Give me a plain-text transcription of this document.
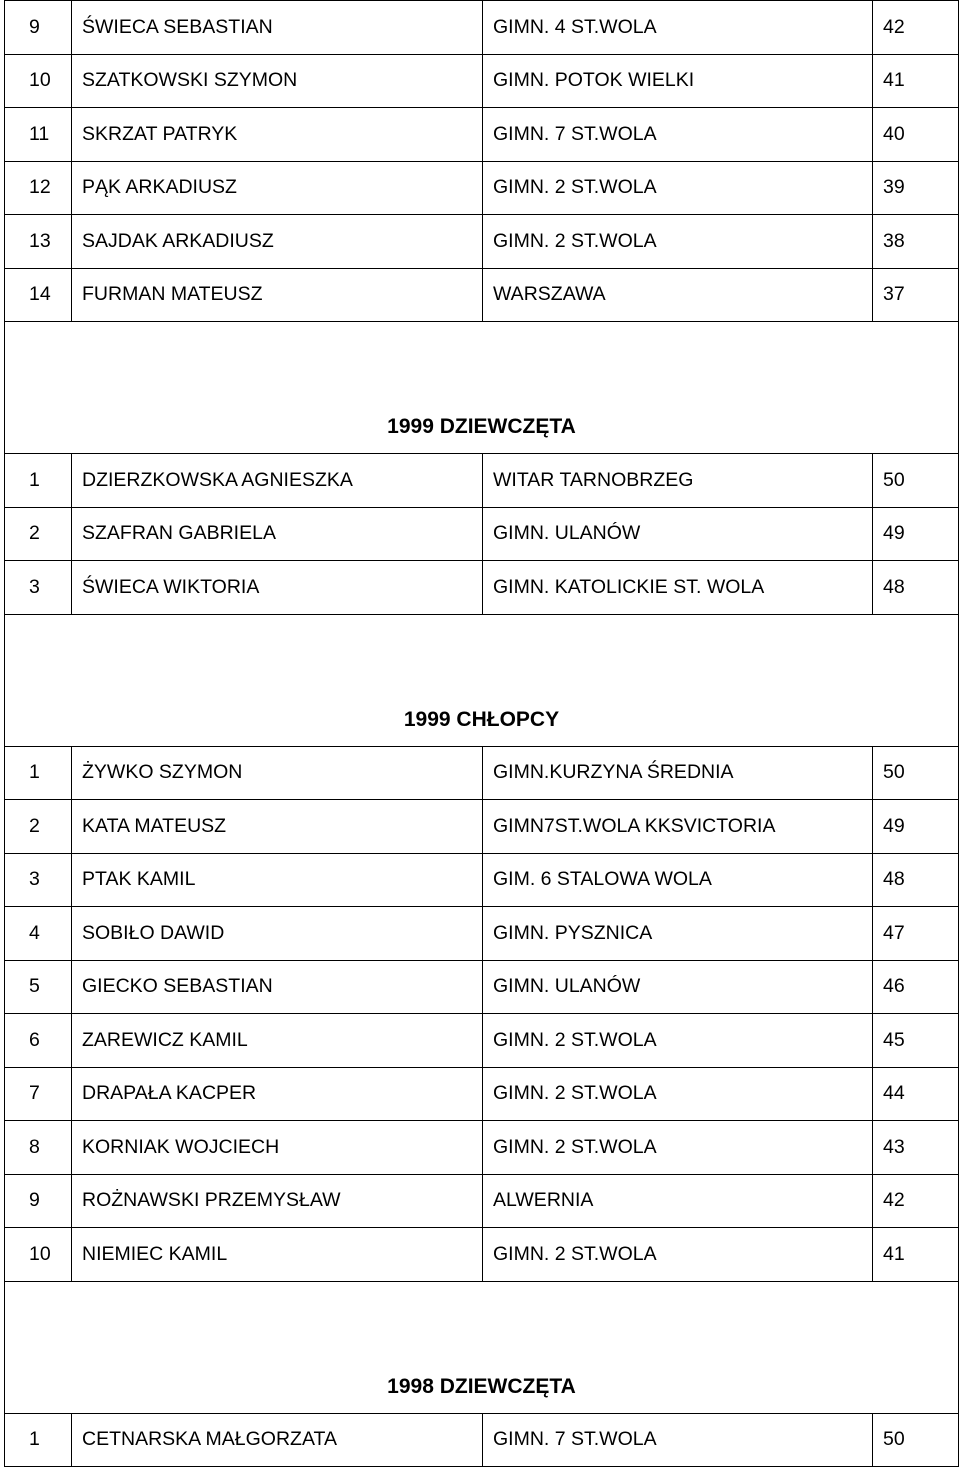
9	ŚWIECA SEBASTIAN	GIMN. 4 ST.WOLA	42
10	SZATKOWSKI SZYMON	GIMN. POTOK WIELKI	41
11	SKRZAT PATRYK	GIMN. 7 ST.WOLA	40
12	PĄK ARKADIUSZ	GIMN. 2 ST.WOLA	39
13	SAJDAK ARKADIUSZ	GIMN. 2 ST.WOLA	38
14	FURMAN MATEUSZ	WARSZAWA	37
1999 DZIEWCZĘTA			
1	DZIERZKOWSKA AGNIESZKA	WITAR TARNOBRZEG	50
2	SZAFRAN GABRIELA	GIMN. ULANÓW	49
3	ŚWIECA WIKTORIA	GIMN. KATOLICKIE ST. WOLA	48
1999 CHŁOPCY			
1	ŻYWKO SZYMON	GIMN.KURZYNA ŚREDNIA	50
2	KATA MATEUSZ	GIMN7ST.WOLA KKSVICTORIA	49
3	PTAK KAMIL	GIM. 6 STALOWA WOLA	48
4	SOBIŁO DAWID	GIMN. PYSZNICA	47
5	GIECKO SEBASTIAN	GIMN. ULANÓW	46
6	ZAREWICZ KAMIL	GIMN. 2 ST.WOLA	45
7	DRAPAŁA KACPER	GIMN. 2 ST.WOLA	44
8	KORNIAK WOJCIECH	GIMN. 2 ST.WOLA	43
9	ROŻNAWSKI PRZEMYSŁAW	ALWERNIA	42
10	NIEMIEC KAMIL	GIMN. 2 ST.WOLA	41
1998 DZIEWCZĘTA			
1	CETNARSKA MAŁGORZATA	GIMN. 7 ST.WOLA	50
